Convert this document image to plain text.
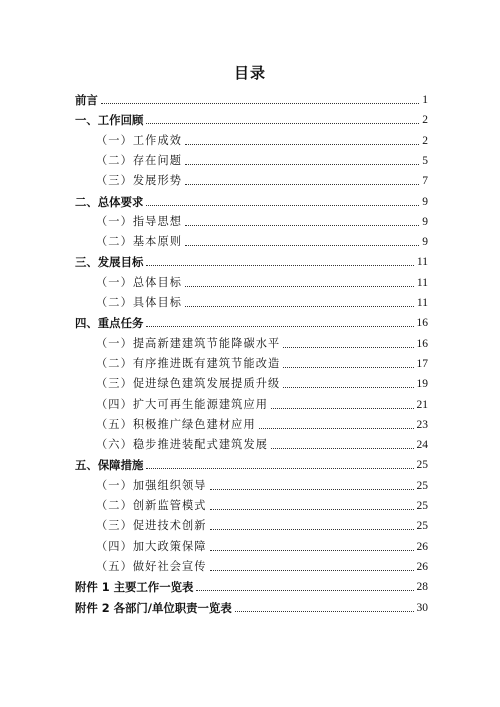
目录
前言	1
一、工作回顾	2
（一）工作成效	2
（二）存在问题	5
（三）发展形势	7
二、总体要求	9
（一）指导思想	9
（二）基本原则	9
三、发展目标	11
（一）总体目标	11
（二）具体目标	11
四、重点任务	16
（一）提高新建建筑节能降碳水平	16
（二）有序推进既有建筑节能改造	17
（三）促进绿色建筑发展提质升级	19
（四）扩大可再生能源建筑应用	21
（五）积极推广绿色建材应用	23
（六）稳步推进装配式建筑发展	24
五、保障措施	25
（一）加强组织领导	25
（二）创新监管模式	25
（三）促进技术创新	25
（四）加大政策保障	26
（五）做好社会宣传	26
附件 1 主要工作一览表	28
附件 2 各部门/单位职责一览表	30
